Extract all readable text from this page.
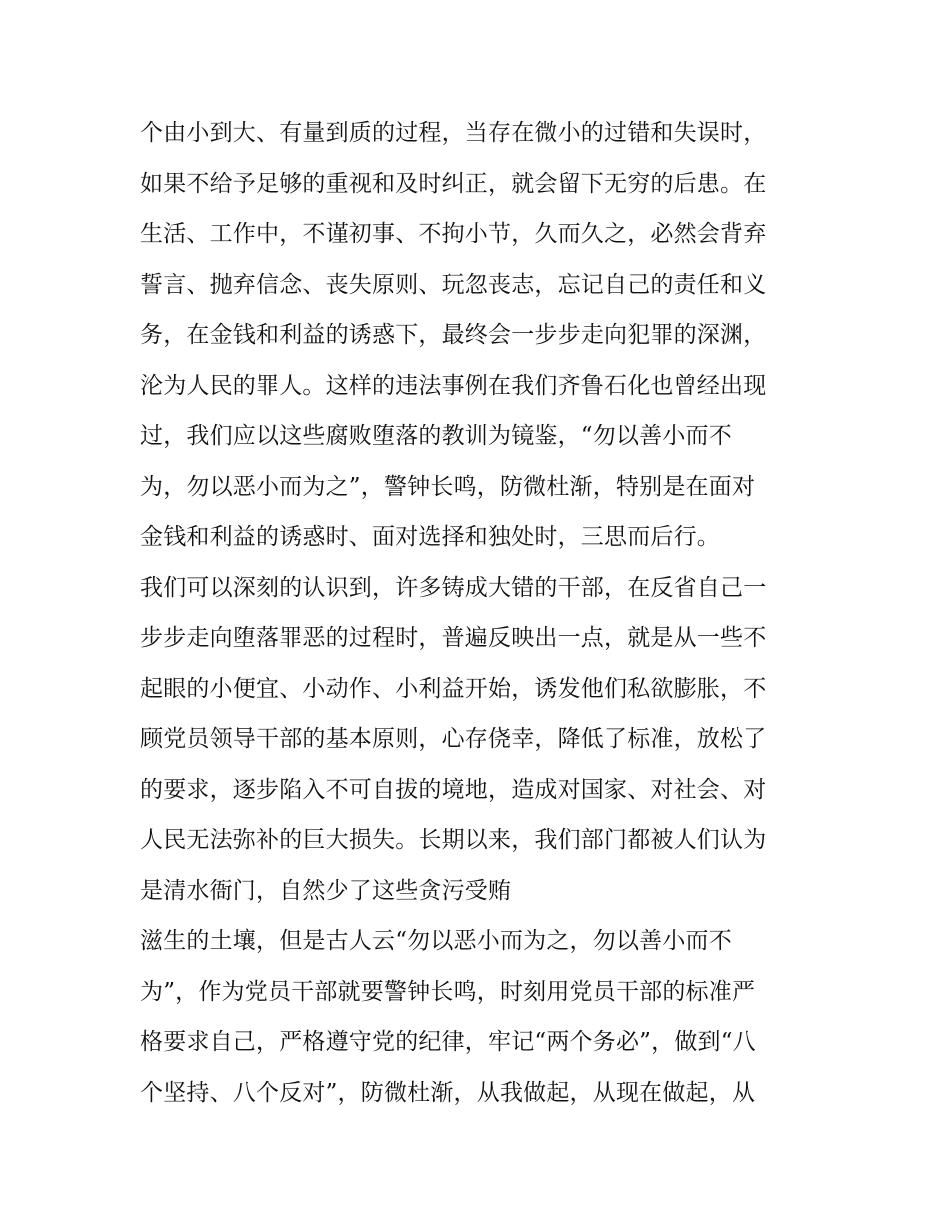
个由小到大、有量到质的过程，当存在微小的过错和失误时，
如果不给予足够的重视和及时纠正，就会留下无穷的后患。在
生活、工作中，不谨初事、不拘小节，久而久之，必然会背弃
誓言、抛弃信念、丧失原则、玩忽丧志，忘记自己的责任和义
务，在金钱和利益的诱惑下，最终会一步步走向犯罪的深渊，
沦为人民的罪人。这样的违法事例在我们齐鲁石化也曾经出现
过，我们应以这些腐败堕落的教训为镜鉴，“勿以善小而不
为，勿以恶小而为之”，警钟长鸣，防微杜渐，特别是在面对
金钱和利益的诱惑时、面对选择和独处时，三思而后行。
我们可以深刻的认识到，许多铸成大错的干部，在反省自己一
步步走向堕落罪恶的过程时，普遍反映出一点，就是从一些不
起眼的小便宜、小动作、小利益开始，诱发他们私欲膨胀，不
顾党员领导干部的基本原则，心存侥幸，降低了标准，放松了
的要求，逐步陷入不可自拔的境地，造成对国家、对社会、对
人民无法弥补的巨大损失。长期以来，我们部门都被人们认为
是清水衙门，自然少了这些贪污受贿
滋生的土壤，但是古人云“勿以恶小而为之，勿以善小而不
为”，作为党员干部就要警钟长鸣，时刻用党员干部的标准严
格要求自己，严格遵守党的纪律，牢记“两个务必”，做到“八
个坚持、八个反对”，防微杜渐，从我做起，从现在做起，从
